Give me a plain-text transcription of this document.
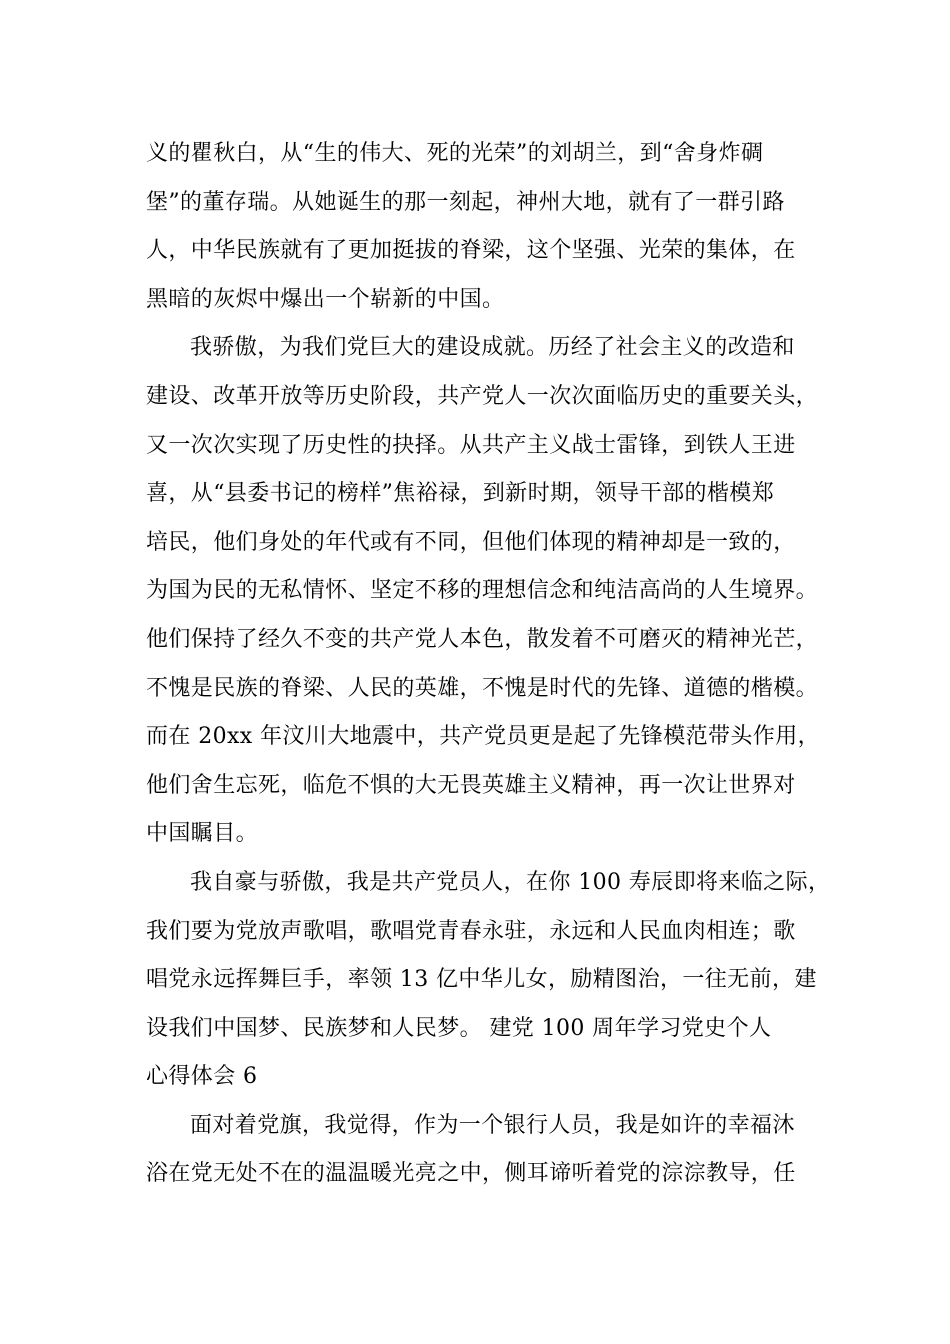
义的瞿秋白，从“生的伟大、死的光荣”的刘胡兰，到“舍身炸碉
堡”的董存瑞。从她诞生的那一刻起，神州大地，就有了一群引路
人，中华民族就有了更加挺拔的脊梁，这个坚强、光荣的集体，在
黑暗的灰烬中爆出一个崭新的中国。
我骄傲，为我们党巨大的建设成就。历经了社会主义的改造和
建设、改革开放等历史阶段，共产党人一次次面临历史的重要关头，
又一次次实现了历史性的抉择。从共产主义战士雷锋，到铁人王进
喜，从“县委书记的榜样”焦裕禄，到新时期，领导干部的楷模郑
培民，他们身处的年代或有不同，但他们体现的精神却是一致的，
为国为民的无私情怀、坚定不移的理想信念和纯洁高尚的人生境界。
他们保持了经久不变的共产党人本色，散发着不可磨灭的精神光芒，
不愧是民族的脊梁、人民的英雄，不愧是时代的先锋、道德的楷模。
而在 20xx 年汶川大地震中，共产党员更是起了先锋模范带头作用，
他们舍生忘死，临危不惧的大无畏英雄主义精神，再一次让世界对
中国瞩目。
我自豪与骄傲，我是共产党员人，在你 100 寿辰即将来临之际，
我们要为党放声歌唱，歌唱党青春永驻，永远和人民血肉相连；歌
唱党永远挥舞巨手，率领 13 亿中华儿女，励精图治，一往无前，建
设我们中国梦、民族梦和人民梦。 建党 100 周年学习党史个人
心得体会 6
面对着党旗，我觉得，作为一个银行人员，我是如许的幸福沐
浴在党无处不在的温温暖光亮之中，侧耳谛听着党的淙淙教导，任
